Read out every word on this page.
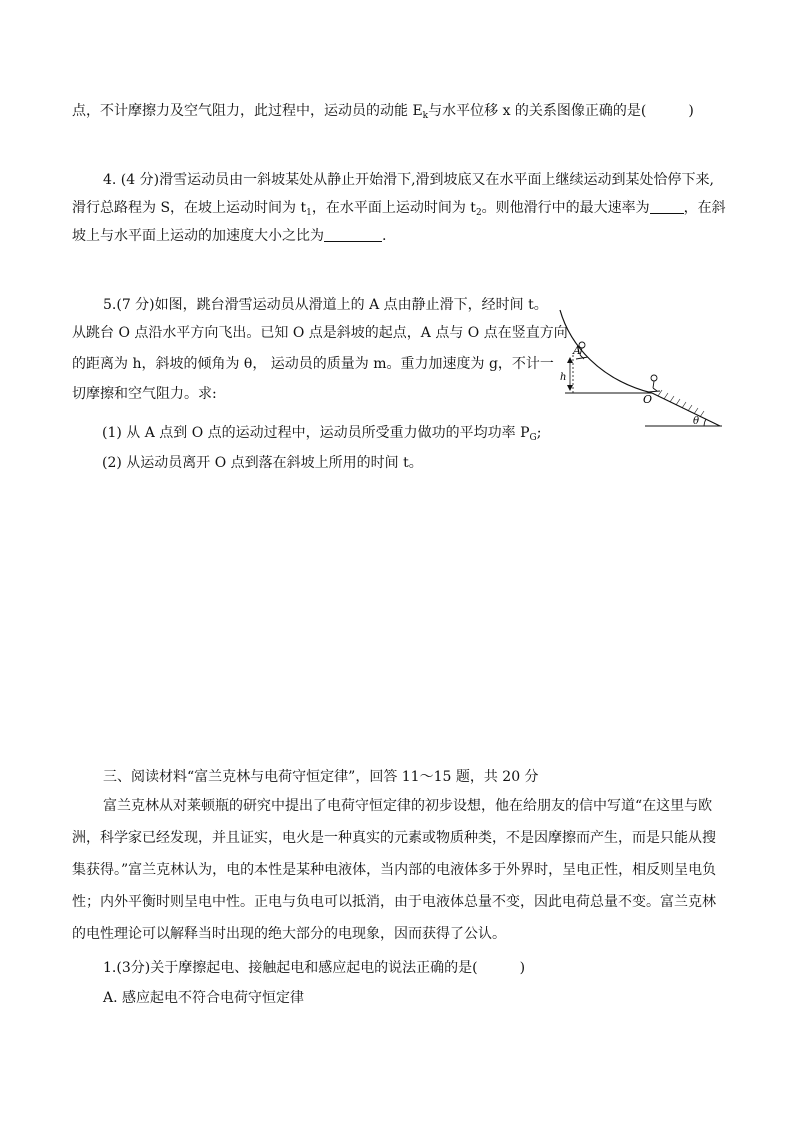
点，不计摩擦力及空气阻力，此过程中，运动员的动能 $E_k$与水平位移 x 的关系图像正确的是(　　　)
4. (4 分)滑雪运动员由一斜坡某处从静止开始滑下,滑到坡底又在水平面上继续运动到某处恰停下来,
滑行总路程为 S，在坡上运动时间为 $t_1$，在水平面上运动时间为 $t_2$。则他滑行中的最大速率为 ，在斜
坡上与水平面上运动的加速度大小之比为	.
5.(7 分)如图，跳台滑雪运动员从滑道上的 A 点由静止滑下，经时间 t。
从跳台 O 点沿水平方向飞出。已知 O 点是斜坡的起点，A 点与 O 点在竖直方向
的距离为 h，斜坡的倾角为 θ， 运动员的质量为 m。重力加速度为 g，不计一
切摩擦和空气阻力。求:
(1) 从 A 点到 O 点的运动过程中，运动员所受重力做功的平均功率 $P_G$;
(2) 从运动员离开 O 点到落在斜坡上所用的时间 t。
A
h
O
θ
三、阅读材料“富兰克林与电荷守恒定律”，回答 11～15 题，共 20 分
富兰克林从对莱顿瓶的研究中提出了电荷守恒定律的初步设想，他在给朋友的信中写道“在这里与欧
洲，科学家已经发现，并且证实，电火是一种真实的元素或物质种类，不是因摩擦而产生，而是只能从搜
集获得。”富兰克林认为，电的本性是某种电液体，当内部的电液体多于外界时，呈电正性，相反则呈电负
性；内外平衡时则呈电中性。正电与负电可以抵消，由于电液体总量不变，因此电荷总量不变。富兰克林
的电性理论可以解释当时出现的绝大部分的电现象，因而获得了公认。
1.(3分)关于摩擦起电、接触起电和感应起电的说法正确的是(　　　)
A. 感应起电不符合电荷守恒定律
